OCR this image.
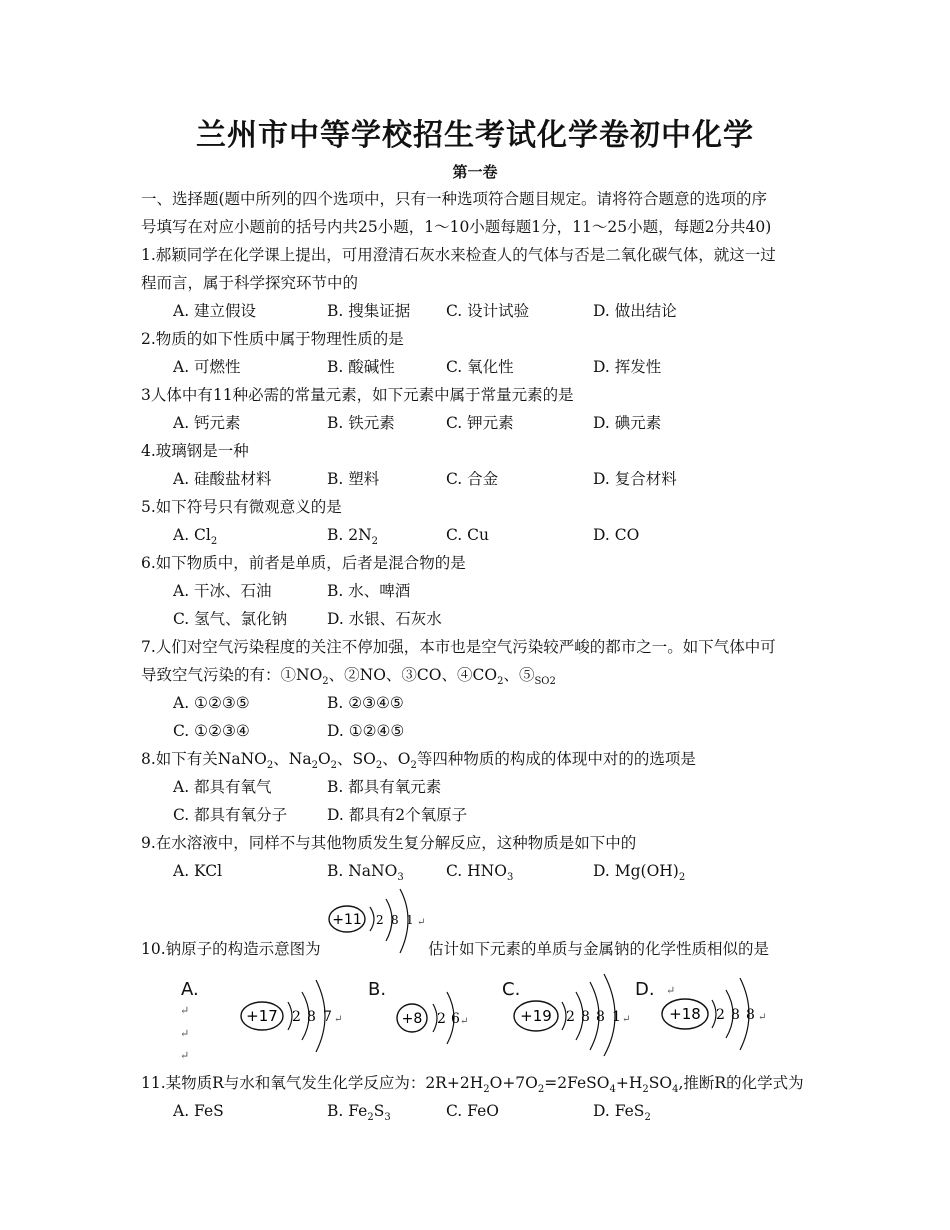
兰州市中等学校招生考试化学卷初中化学
第一卷
一、选择题(题中所列的四个选项中，只有一种选项符合题目规定。请将符合题意的选项的序
号填写在对应小题前的括号内共25小题，1～10小题每题1分，11～25小题，每题2分共40)
1.郝颖同学在化学课上提出，可用澄清石灰水来检查人的气体与否是二氧化碳气体，就这一过
程而言，属于科学探究环节中的
A. 建立假设	B. 搜集证据 C. 设计试验	D. 做出结论
2.物质的如下性质中属于物理性质的是
A. 可燃性	B. 酸碱性	C. 氧化性	D. 挥发性
3人体中有11种必需的常量元素，如下元素中属于常量元素的是
A. 钙元素	B. 铁元素	C. 钾元素	D. 碘元素
4.玻璃钢是一种
A. 硅酸盐材料	B. 塑料	C. 合金	D. 复合材料
5.如下符号只有微观意义的是
A. $Cl_2$	B. $2N_2$	C. Cu	D. CO
6.如下物质中，前者是单质，后者是混合物的是
A. 干冰、石油	B. 水、啤酒
C. 氢气、氯化钠	D. 水银、石灰水
7.人们对空气污染程度的关注不停加强，本市也是空气污染较严峻的都市之一。如下气体中可
导致空气污染的有：$①NO_2$、②NO、③CO、$④CO_2$、$⑤_{SO2}$
A. ①②③⑤	B. ②③④⑤
C. ①②③④	D. ①②④⑤
8.如下有关NaNO$_2$、$Na_2O_2$、$SO_2$、$O_2$等四种物质的构成的体现中对的的选项是
A. 都具有氧气	B. 都具有氧元素
C. 都具有氧分子	D. 都具有2个氧原子
9.在水溶液中，同样不与其他物质发生复分解反应，这种物质是如下中的
A. KCl	B. NaNO$_3$	C. $HNO_3$	D. $Mg(OH)_2$
10.钠原子的构造示意图为	估计如下元素的单质与金属钠的化学性质相似的是
+11 2 8 1 ↵
A.
↵
↵
↵
+17 2 8 7 ↵
B.
+8 2 6 ↵
C.
+19 2 8 8 1 ↵
D. ↵
+18 2 8 8 ↵
11.某物质R与水和氧气发生化学反应为：$2R+2H_2O+7O_2=2FeSO_4+H_2SO_4$,推断R的化学式为
A. FeS	B. $Fe_2S_3$	C. FeO	D. FeS$_2$
